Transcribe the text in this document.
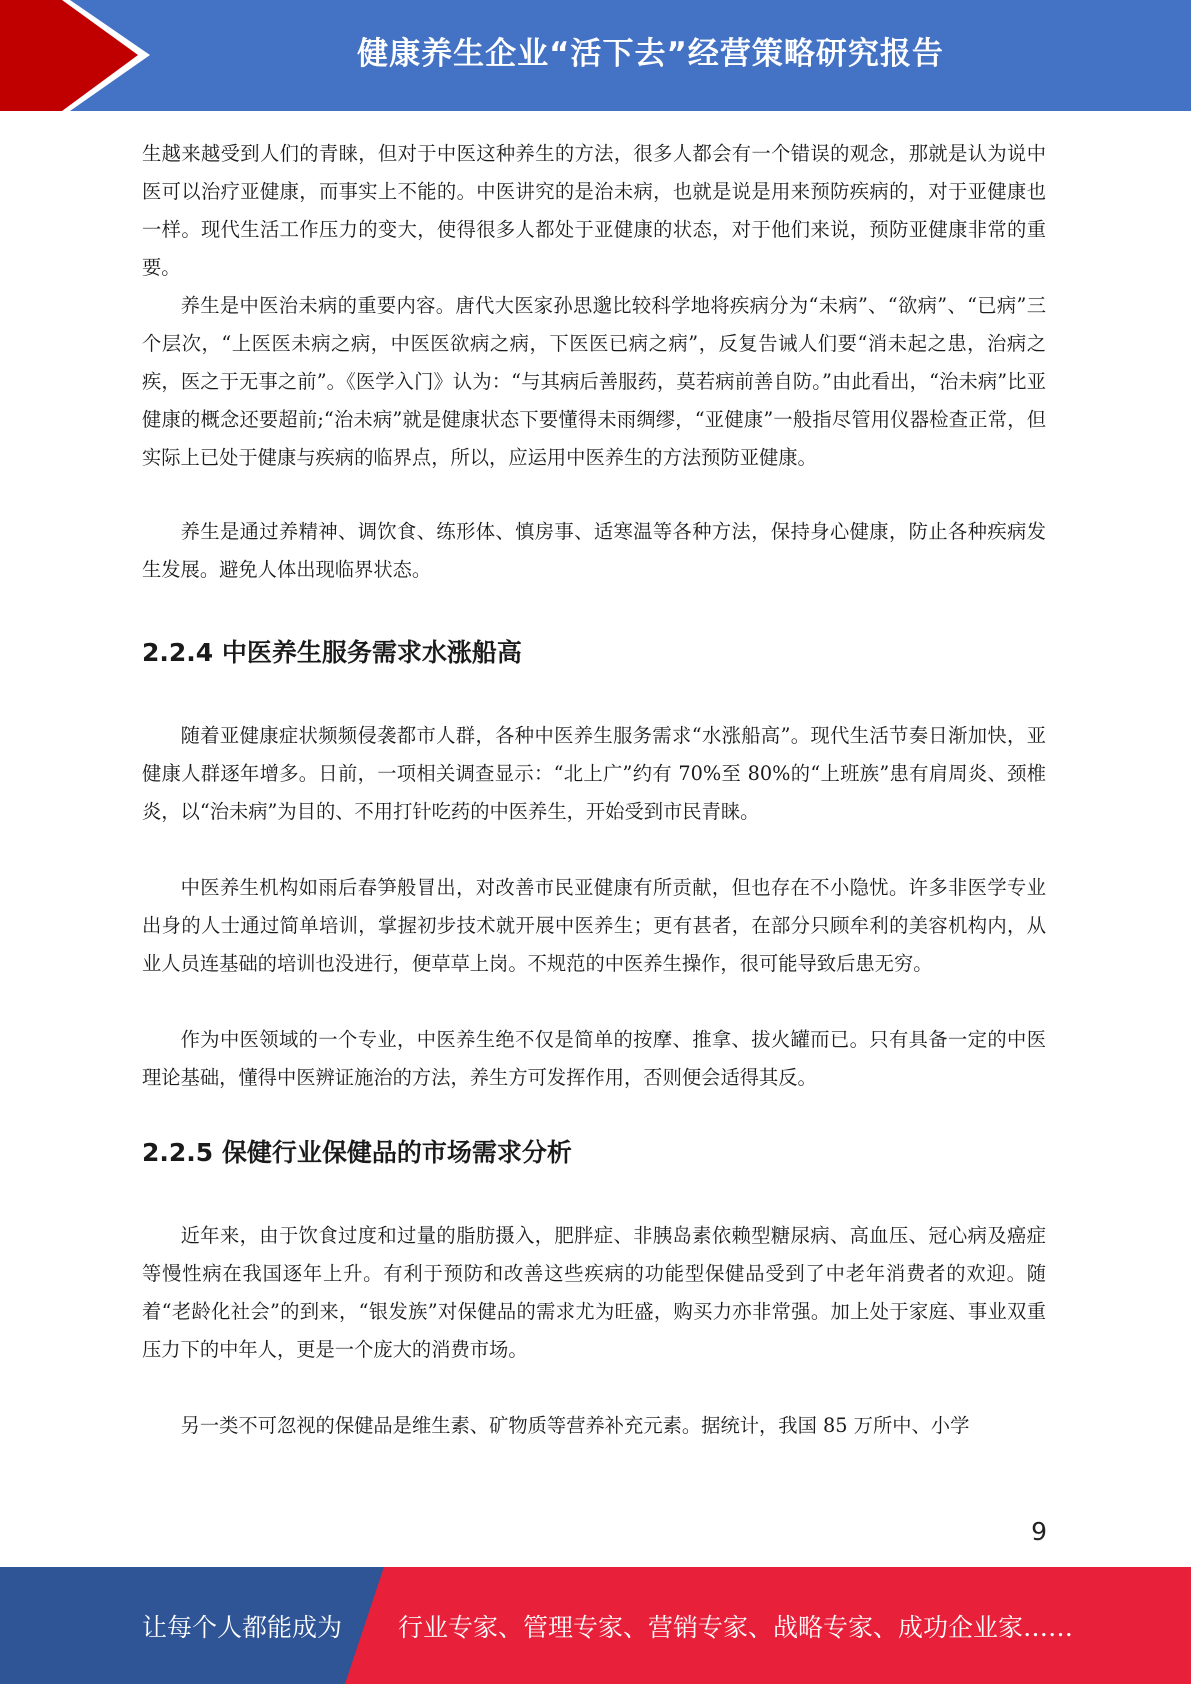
健康养生企业“活下去”经营策略研究报告

生越来越受到人们的青睐，但对于中医这种养生的方法，很多人都会有一个错误的观念，那就是认为说中医可以治疗亚健康，而事实上不能的。中医讲究的是治未病，也就是说是用来预防疾病的，对于亚健康也一样。现代生活工作压力的变大，使得很多人都处于亚健康的状态，对于他们来说，预防亚健康非常的重要。

养生是中医治未病的重要内容。唐代大医家孙思邈比较科学地将疾病分为“未病”、“欲病”、“已病”三个层次，“上医医未病之病，中医医欲病之病，下医医已病之病”，反复告诫人们要“消未起之患，治病之疾，医之于无事之前”。《医学入门》认为：“与其病后善服药，莫若病前善自防。”由此看出，“治未病”比亚健康的概念还要超前;“治未病”就是健康状态下要懂得未雨绸缪，“亚健康”一般指尽管用仪器检查正常，但实际上已处于健康与疾病的临界点，所以，应运用中医养生的方法预防亚健康。

养生是通过养精神、调饮食、练形体、慎房事、适寒温等各种方法，保持身心健康，防止各种疾病发生发展。避免人体出现临界状态。

2.2.4 中医养生服务需求水涨船高

随着亚健康症状频频侵袭都市人群，各种中医养生服务需求“水涨船高”。现代生活节奏日渐加快，亚健康人群逐年增多。日前，一项相关调查显示：“北上广”约有 70%至 80%的“上班族”患有肩周炎、颈椎炎，以“治未病”为目的、不用打针吃药的中医养生，开始受到市民青睐。

中医养生机构如雨后春笋般冒出，对改善市民亚健康有所贡献，但也存在不小隐忧。许多非医学专业出身的人士通过简单培训，掌握初步技术就开展中医养生；更有甚者，在部分只顾牟利的美容机构内，从业人员连基础的培训也没进行，便草草上岗。不规范的中医养生操作，很可能导致后患无穷。

作为中医领域的一个专业，中医养生绝不仅是简单的按摩、推拿、拔火罐而已。只有具备一定的中医理论基础，懂得中医辨证施治的方法，养生方可发挥作用，否则便会适得其反。

2.2.5 保健行业保健品的市场需求分析

近年来，由于饮食过度和过量的脂肪摄入，肥胖症、非胰岛素依赖型糖尿病、高血压、冠心病及癌症等慢性病在我国逐年上升。有利于预防和改善这些疾病的功能型保健品受到了中老年消费者的欢迎。随着“老龄化社会”的到来，“银发族”对保健品的需求尤为旺盛，购买力亦非常强。加上处于家庭、事业双重压力下的中年人，更是一个庞大的消费市场。

另一类不可忽视的保健品是维生素、矿物质等营养补充元素。据统计，我国 85 万所中、小学

9
让每个人都能成为 行业专家、管理专家、营销专家、战略专家、成功企业家……
